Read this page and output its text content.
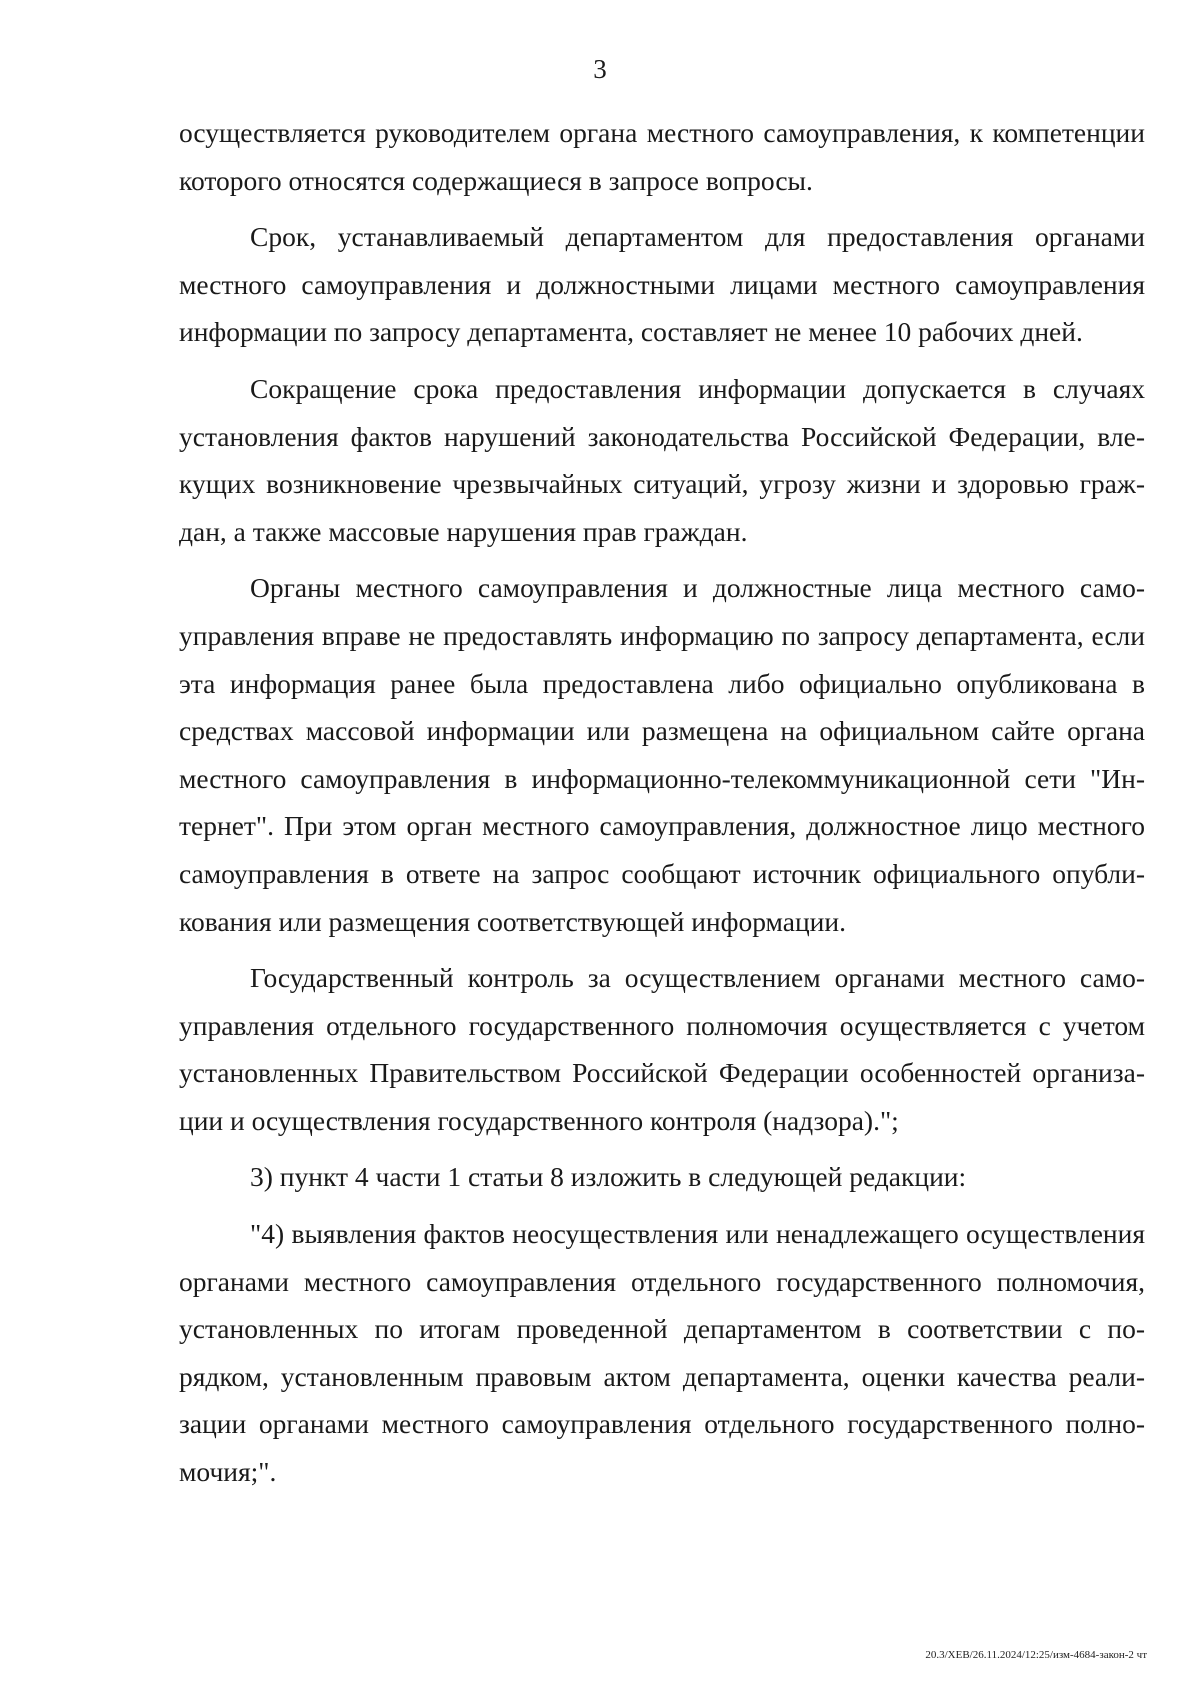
3

осуществляется руководителем органа местного самоуправления, к компетенции которого относятся содержащиеся в запросе вопросы.

Срок, устанавливаемый департаментом для предоставления органами местного самоуправления и должностными лицами местного самоуправления информации по запросу департамента, составляет не менее 10 рабочих дней.

Сокращение срока предоставления информации допускается в случаях установления фактов нарушений законодательства Российской Федерации, влекущих возникновение чрезвычайных ситуаций, угрозу жизни и здоровью граждан, а также массовые нарушения прав граждан.

Органы местного самоуправления и должностные лица местного самоуправления вправе не предоставлять информацию по запросу департамента, если эта информация ранее была предоставлена либо официально опубликована в средствах массовой информации или размещена на официальном сайте органа местного самоуправления в информационно-телекоммуникационной сети "Интернет". При этом орган местного самоуправления, должностное лицо местного самоуправления в ответе на запрос сообщают источник официального опубликования или размещения соответствующей информации.

Государственный контроль за осуществлением органами местного самоуправления отдельного государственного полномочия осуществляется с учетом установленных Правительством Российской Федерации особенностей организации и осуществления государственного контроля (надзора).";

3) пункт 4 части 1 статьи 8 изложить в следующей редакции:

"4) выявления фактов неосуществления или ненадлежащего осуществления органами местного самоуправления отдельного государственного полномочия, установленных по итогам проведенной департаментом в соответствии с порядком, установленным правовым актом департамента, оценки качества реализации органами местного самоуправления отдельного государственного полномочия;".

20.3/ХЕВ/26.11.2024/12:25/изм-4684-закон-2 чт
